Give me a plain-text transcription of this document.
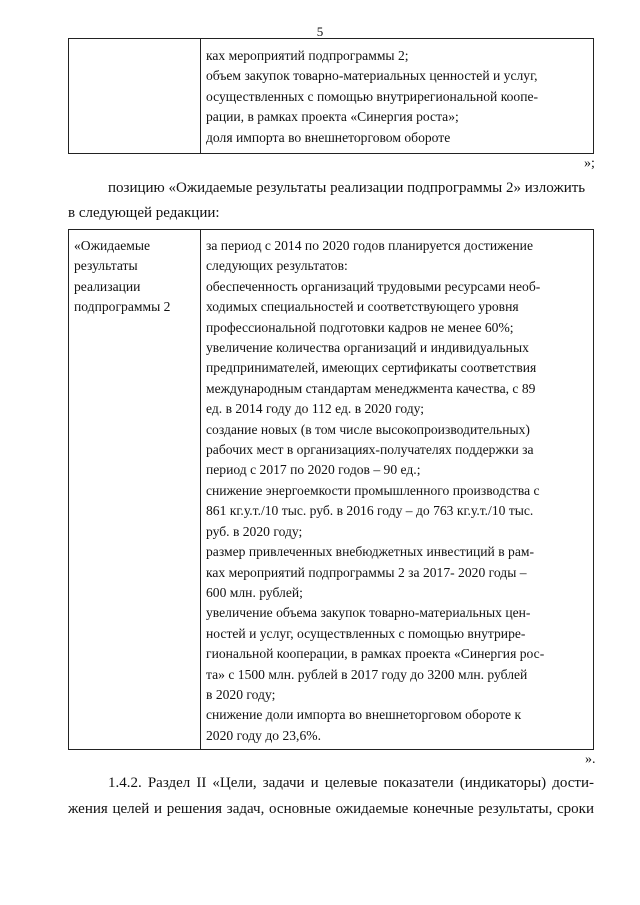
5
ках мероприятий подпрограммы 2;
объем закупок товарно-материальных ценностей и услуг,
осуществленных с помощью внутрирегиональной коопе-
рации, в рамках проекта «Синергия роста»;
доля импорта во внешнеторговом обороте
»;
позицию «Ожидаемые результаты реализации подпрограммы 2» изложить
в следующей редакции:
«Ожидаемые
результаты
реализации
подпрограммы 2
за период с 2014 по 2020 годов планируется достижение
следующих результатов:
обеспеченность организаций трудовыми ресурсами необ-
ходимых специальностей и соответствующего уровня
профессиональной подготовки кадров не менее 60%;
увеличение количества организаций и индивидуальных
предпринимателей, имеющих сертификаты соответствия
международным стандартам менеджмента качества, с 89
ед. в 2014 году до 112 ед. в 2020 году;
создание новых (в том числе высокопроизводительных)
рабочих мест в организациях-получателях поддержки за
период с 2017 по 2020 годов – 90 ед.;
снижение энергоемкости промышленного производства с
861 кг.у.т./10 тыс. руб. в 2016 году – до 763 кг.у.т./10 тыс.
руб. в 2020 году;
размер привлеченных внебюджетных инвестиций в рам-
ках мероприятий подпрограммы 2 за 2017- 2020 годы –
600 млн. рублей;
увеличение объема закупок товарно-материальных цен-
ностей и услуг, осуществленных с помощью внутрире-
гиональной кооперации, в рамках проекта «Синергия рос-
та» с 1500 млн. рублей в 2017 году до 3200 млн. рублей
в 2020 году;
снижение доли импорта во внешнеторговом обороте к
2020 году до 23,6%.
».
1.4.2. Раздел II «Цели, задачи и целевые показатели (индикаторы) дости-
жения целей и решения задач, основные ожидаемые конечные результаты, сроки
